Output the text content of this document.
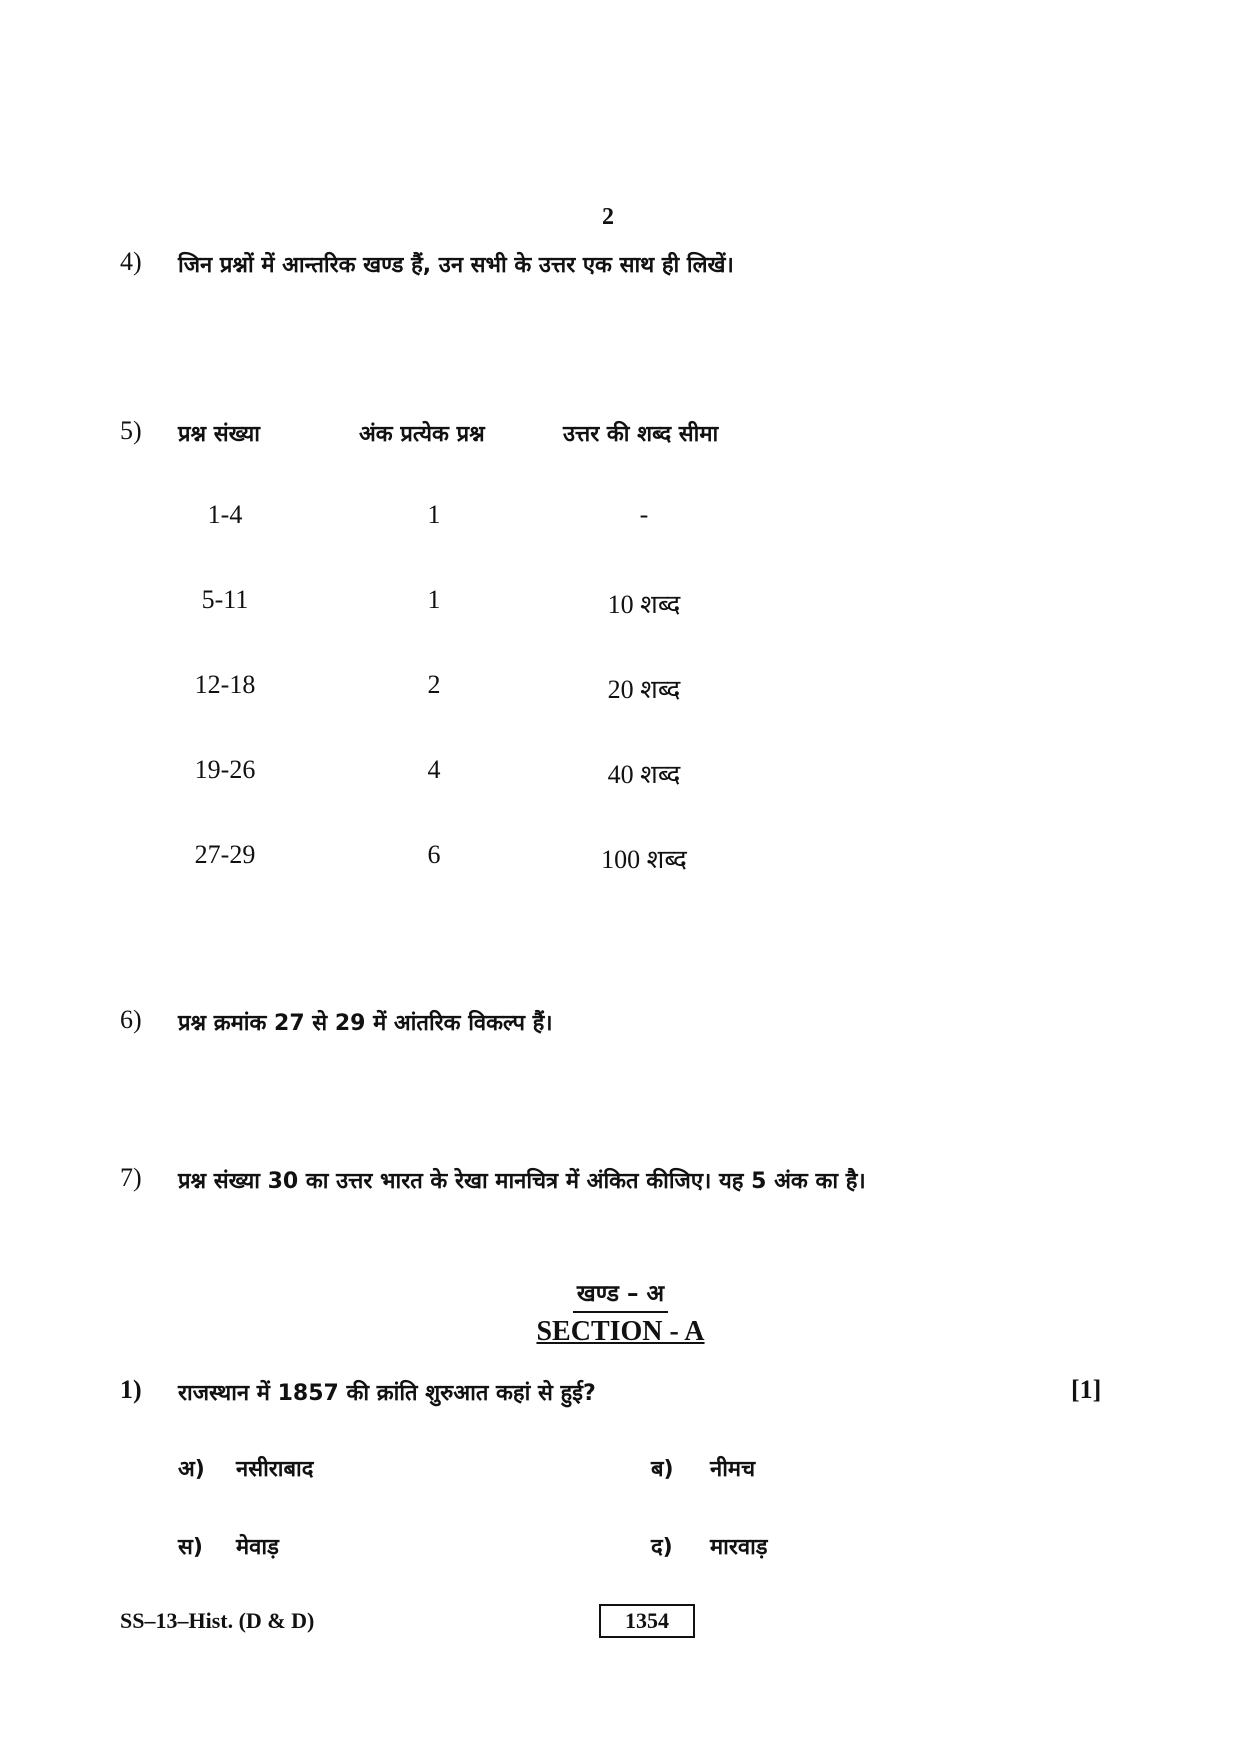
2
4) जिन प्रश्नों में आन्तरिक खण्ड हैं, उन सभी के उत्तर एक साथ ही लिखें।
5) प्रश्न संख्या	अंक प्रत्येक प्रश्न	उत्तर की शब्द सीमा
1-4	1	-
5-11	1	10 शब्द
12-18	2	20 शब्द
19-26	4	40 शब्द
27-29	6	100 शब्द
6) प्रश्न क्रमांक 27 से 29 में आंतरिक विकल्प हैं।
7) प्रश्न संख्या 30 का उत्तर भारत के रेखा मानचित्र में अंकित कीजिए। यह 5 अंक का है।
खण्ड – अ
SECTION - A
1) राजस्थान में 1857 की क्रांति शुरुआत कहां से हुई?	[1]
अ) नसीराबाद	ब) नीमच
स) मेवाड़	द) मारवाड़
1354
SS–13–Hist. (D & D)
